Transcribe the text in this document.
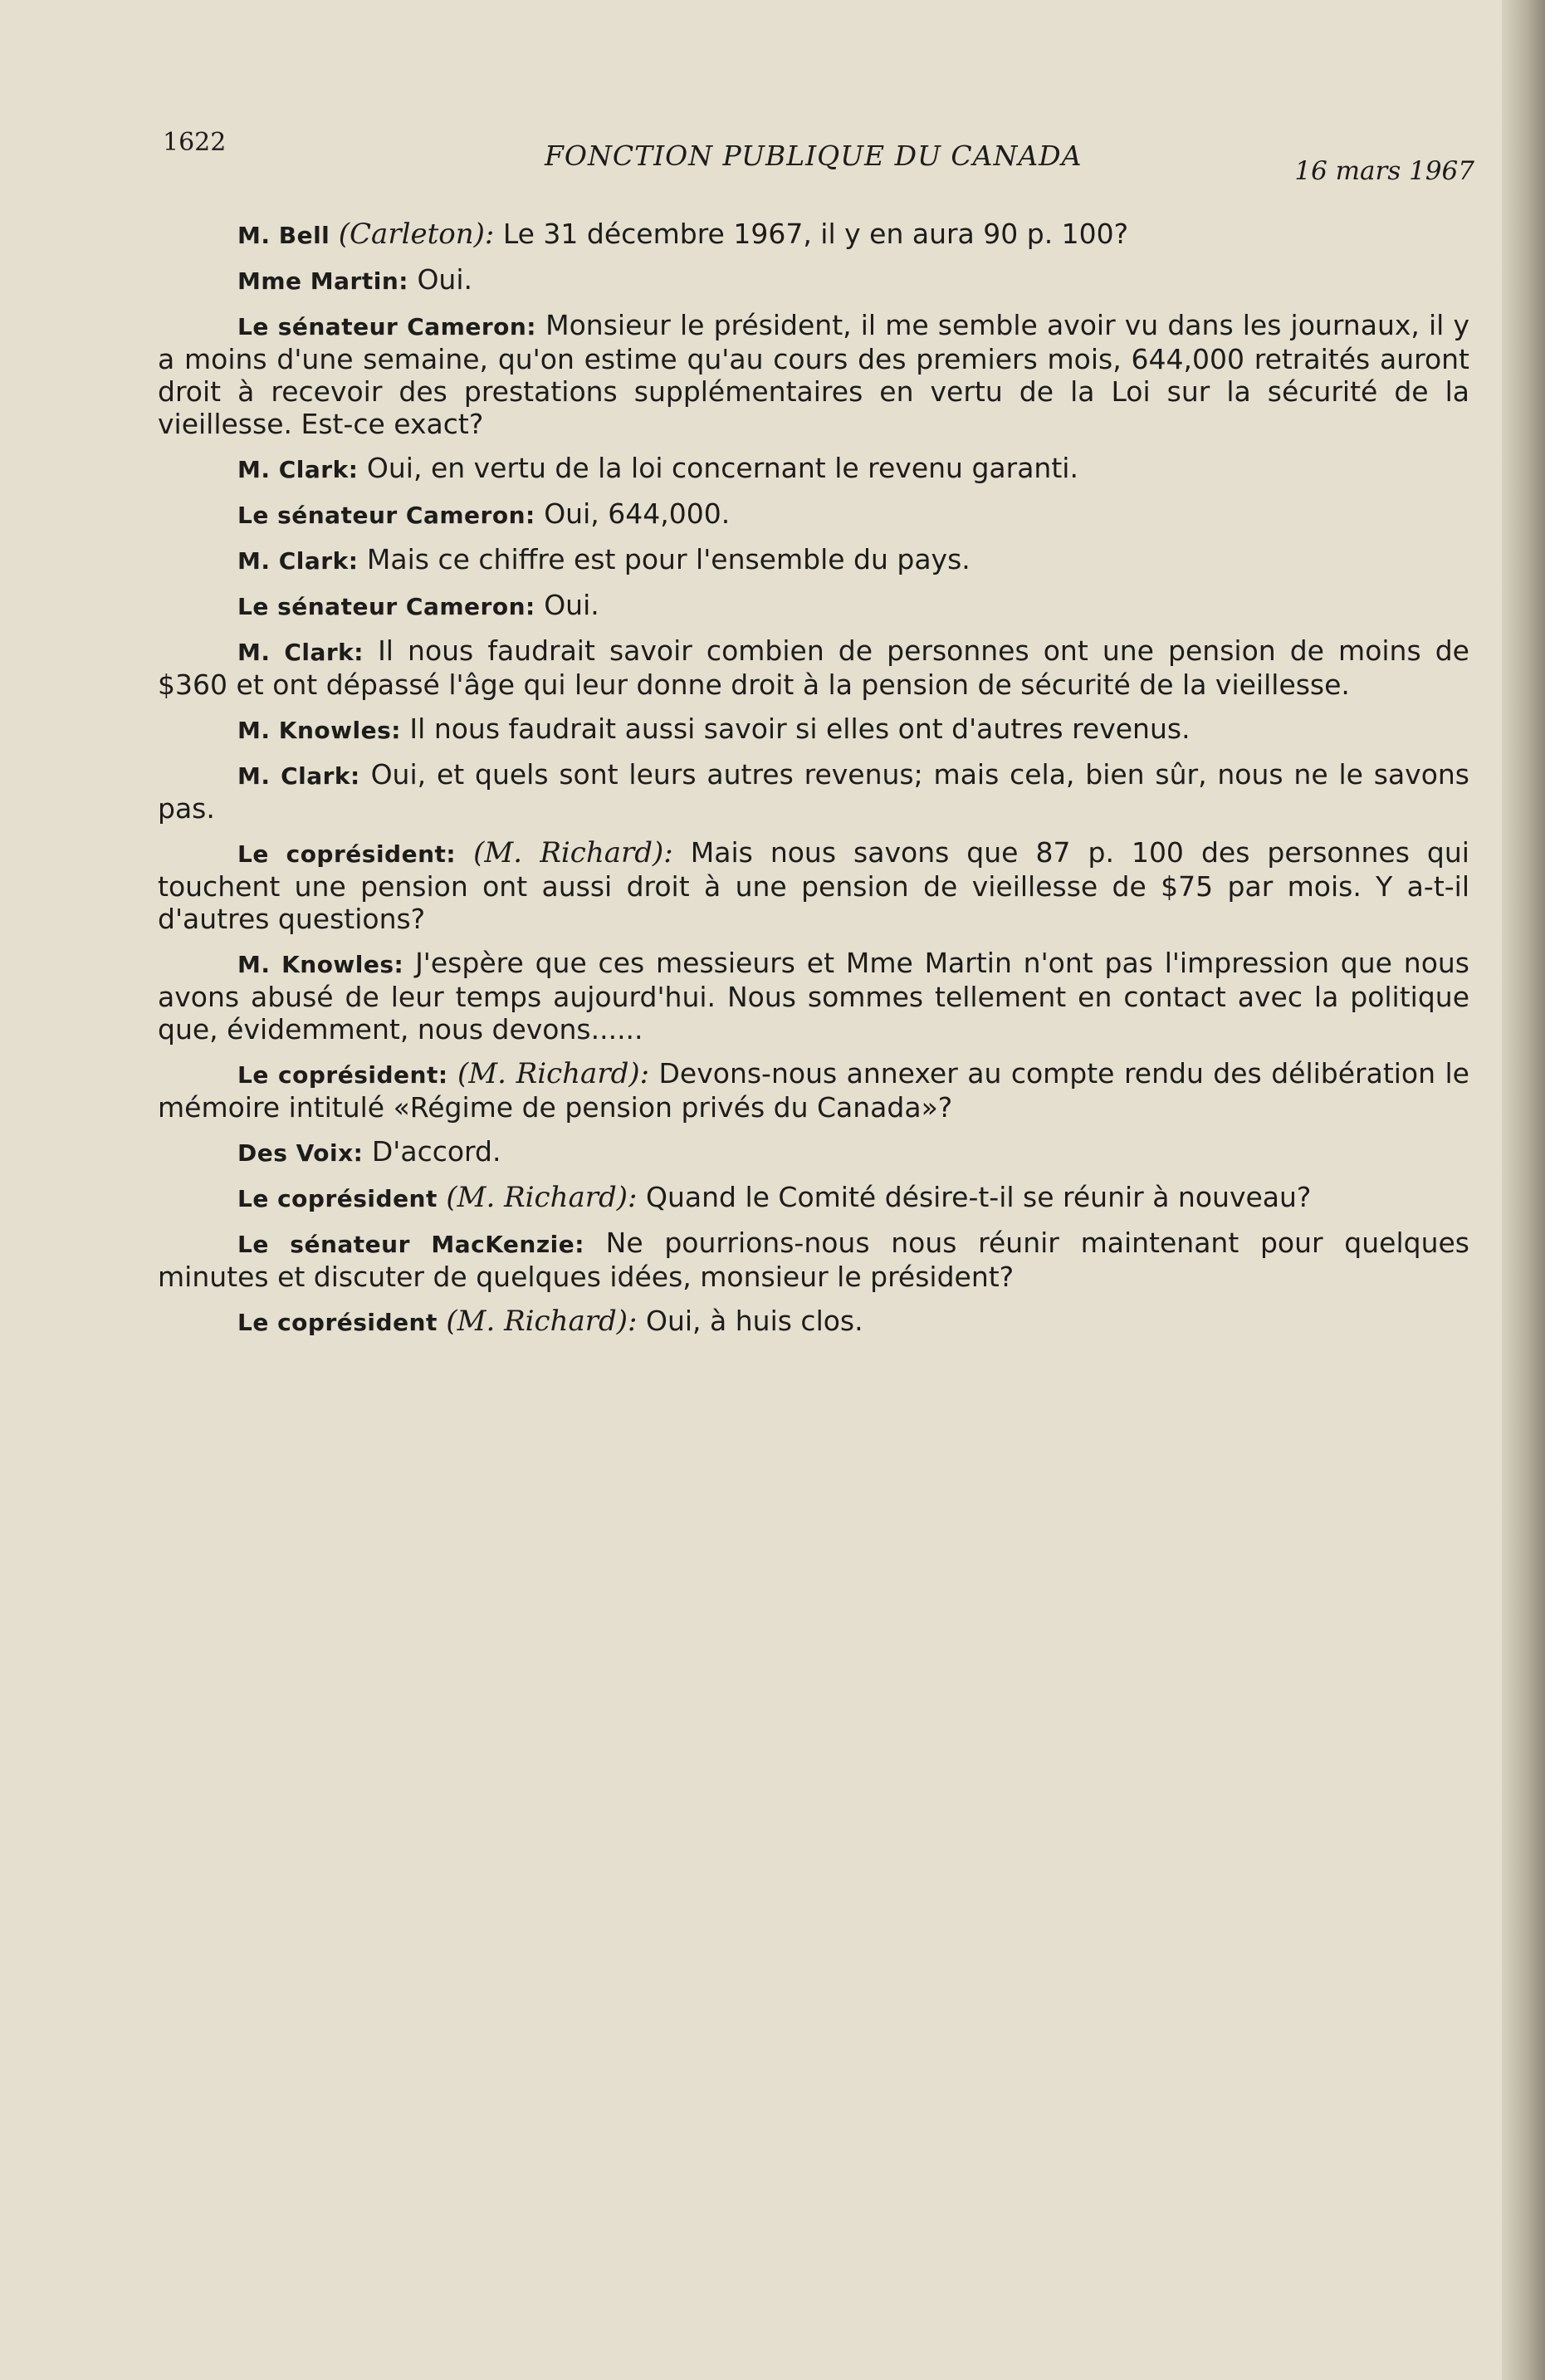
1622	FONCTION PUBLIQUE DU CANADA	16 mars 1967

M. Bell (Carleton): Le 31 décembre 1967, il y en aura 90 p. 100?

Mme Martin: Oui.

Le sénateur Cameron: Monsieur le président, il me semble avoir vu dans les journaux, il y a moins d'une semaine, qu'on estime qu'au cours des premiers mois, 644,000 retraités auront droit à recevoir des prestations supplémentaires en vertu de la Loi sur la sécurité de la vieillesse. Est-ce exact?

M. Clark: Oui, en vertu de la loi concernant le revenu garanti.

Le sénateur Cameron: Oui, 644,000.

M. Clark: Mais ce chiffre est pour l'ensemble du pays.

Le sénateur Cameron: Oui.

M. Clark: Il nous faudrait savoir combien de personnes ont une pension de moins de $360 et ont dépassé l'âge qui leur donne droit à la pension de sécurité de la vieillesse.

M. Knowles: Il nous faudrait aussi savoir si elles ont d'autres revenus.

M. Clark: Oui, et quels sont leurs autres revenus; mais cela, bien sûr, nous ne le savons pas.

Le coprésident: (M. Richard): Mais nous savons que 87 p. 100 des personnes qui touchent une pension ont aussi droit à une pension de vieillesse de $75 par mois. Y a-t-il d'autres questions?

M. Knowles: J'espère que ces messieurs et Mme Martin n'ont pas l'impression que nous avons abusé de leur temps aujourd'hui. Nous sommes tellement en contact avec la politique que, évidemment, nous devons......

Le coprésident: (M. Richard): Devons-nous annexer au compte rendu des délibération le mémoire intitulé «Régime de pension privés du Canada»?

Des Voix: D'accord.

Le coprésident (M. Richard): Quand le Comité désire-t-il se réunir à nouveau?

Le sénateur MacKenzie: Ne pourrions-nous nous réunir maintenant pour quelques minutes et discuter de quelques idées, monsieur le président?

Le coprésident (M. Richard): Oui, à huis clos.
